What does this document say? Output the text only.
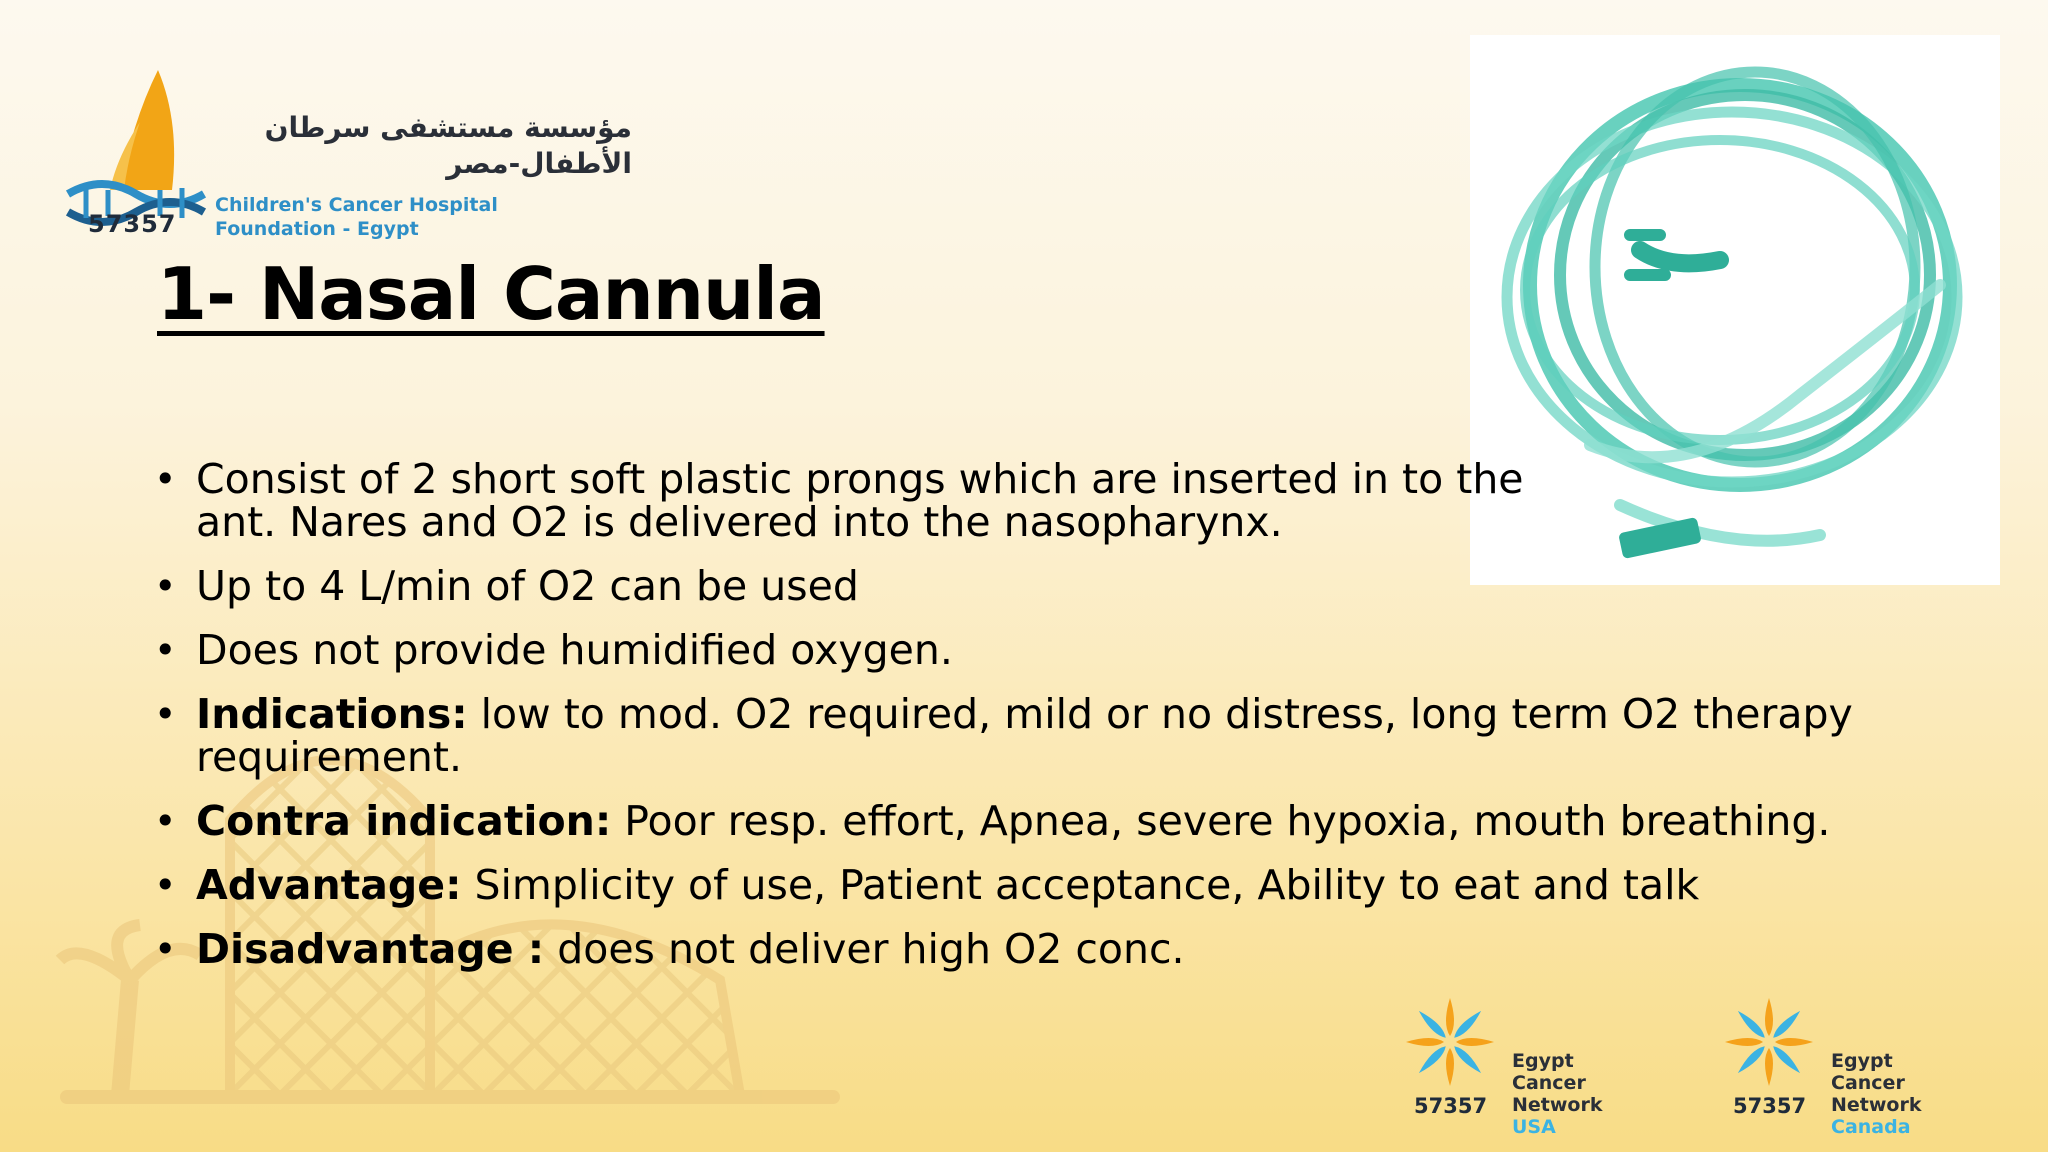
57357
مؤسسة مستشفى سرطان
الأطفال-مصر
Children's Cancer Hospital
Foundation - Egypt
1- Nasal Cannula
• Consist of 2 short soft plastic prongs which are inserted in to the ant. Nares and O2 is delivered into the nasopharynx.
• Up to 4 L/min of O2 can be used
• Does not provide humidified oxygen.
• Indications: low to mod. O2 required, mild or no distress, long term O2 therapy requirement.
• Contra indication: Poor resp. effort, Apnea, severe hypoxia, mouth breathing.
• Advantage: Simplicity of use, Patient acceptance, Ability to eat and talk
• Disadvantage : does not deliver high O2 conc.
57357
Egypt
Cancer Network
USA
57357
Egypt
Cancer Network
Canada
